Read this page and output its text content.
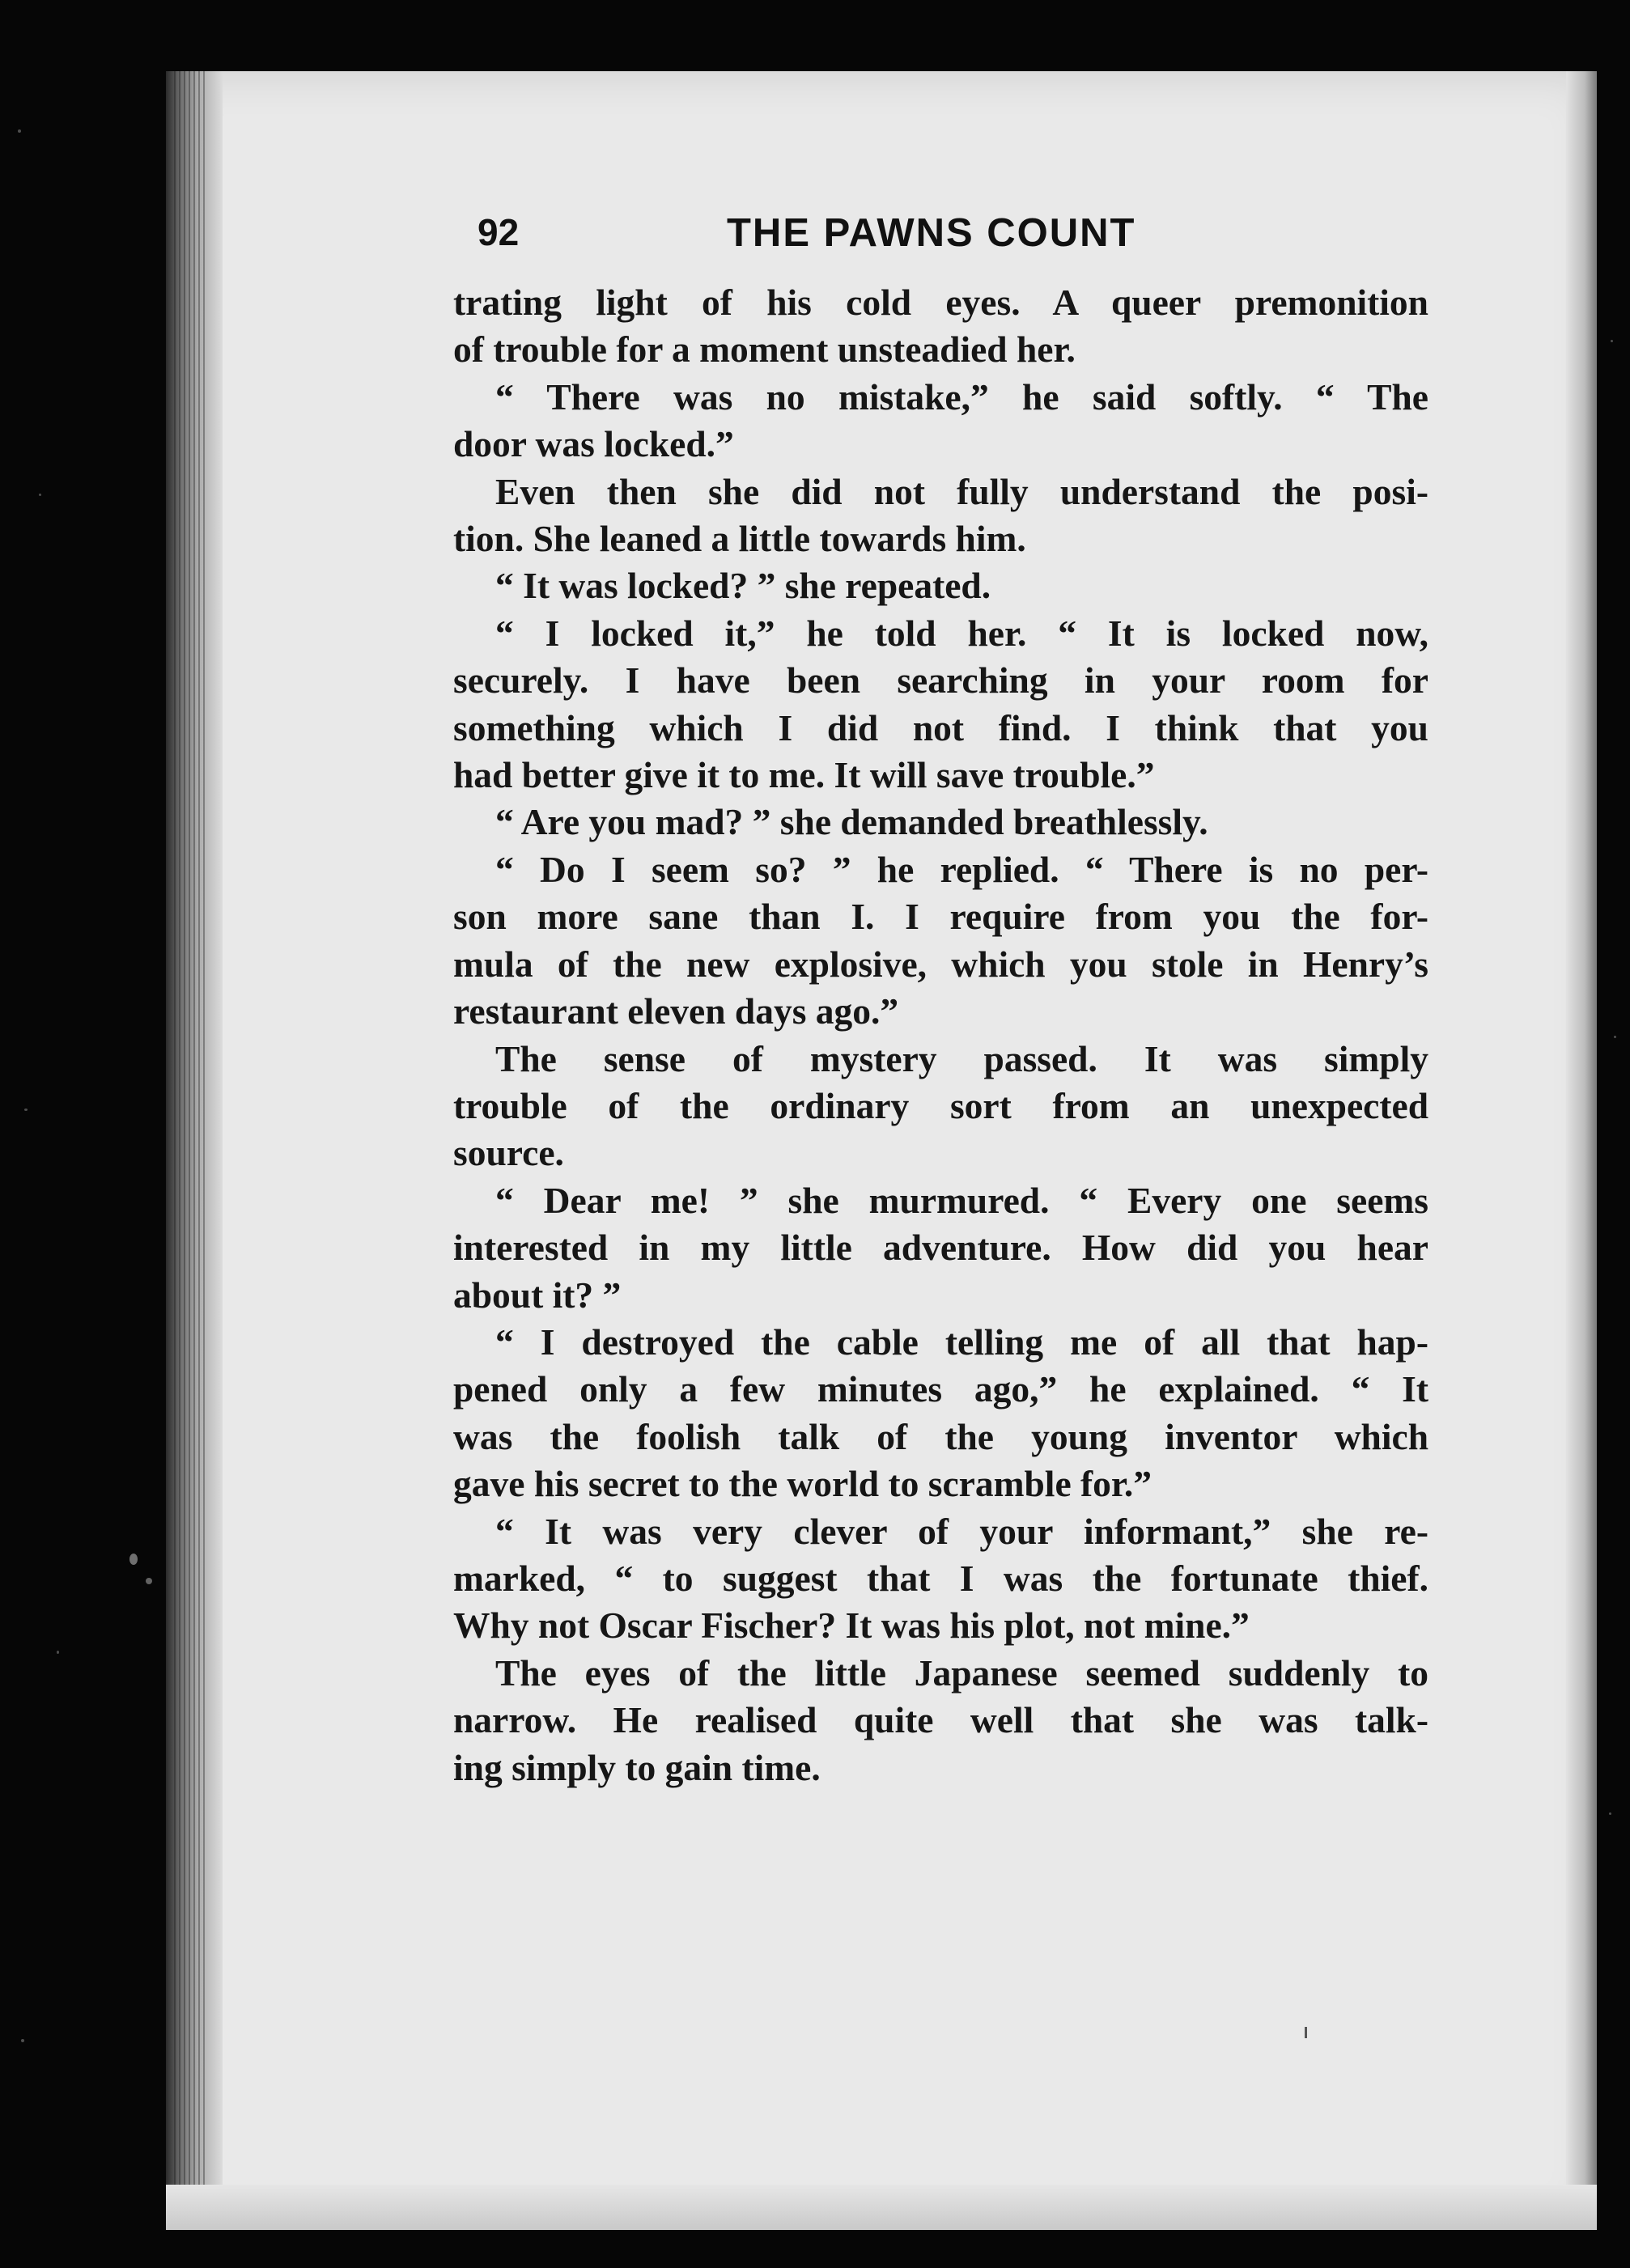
92	THE PAWNS COUNT
trating light of his cold eyes. A queer premonition
of trouble for a moment unsteadied her.
“ There was no mistake,” he said softly. “ The
door was locked.”
Even then she did not fully understand the posi-
tion. She leaned a little towards him.
“ It was locked? ” she repeated.
“ I locked it,” he told her. “ It is locked now,
securely. I have been searching in your room for
something which I did not find. I think that you
had better give it to me. It will save trouble.”
“ Are you mad? ” she demanded breathlessly.
“ Do I seem so? ” he replied. “ There is no per-
son more sane than I. I require from you the for-
mula of the new explosive, which you stole in Henry’s
restaurant eleven days ago.”
The sense of mystery passed. It was simply
trouble of the ordinary sort from an unexpected
source.
“ Dear me! ” she murmured. “ Every one seems
interested in my little adventure. How did you hear
about it? ”
“ I destroyed the cable telling me of all that hap-
pened only a few minutes ago,” he explained. “ It
was the foolish talk of the young inventor which
gave his secret to the world to scramble for.”
“ It was very clever of your informant,” she re-
marked, “ to suggest that I was the fortunate thief.
Why not Oscar Fischer? It was his plot, not mine.”
The eyes of the little Japanese seemed suddenly to
narrow. He realised quite well that she was talk-
ing simply to gain time.
